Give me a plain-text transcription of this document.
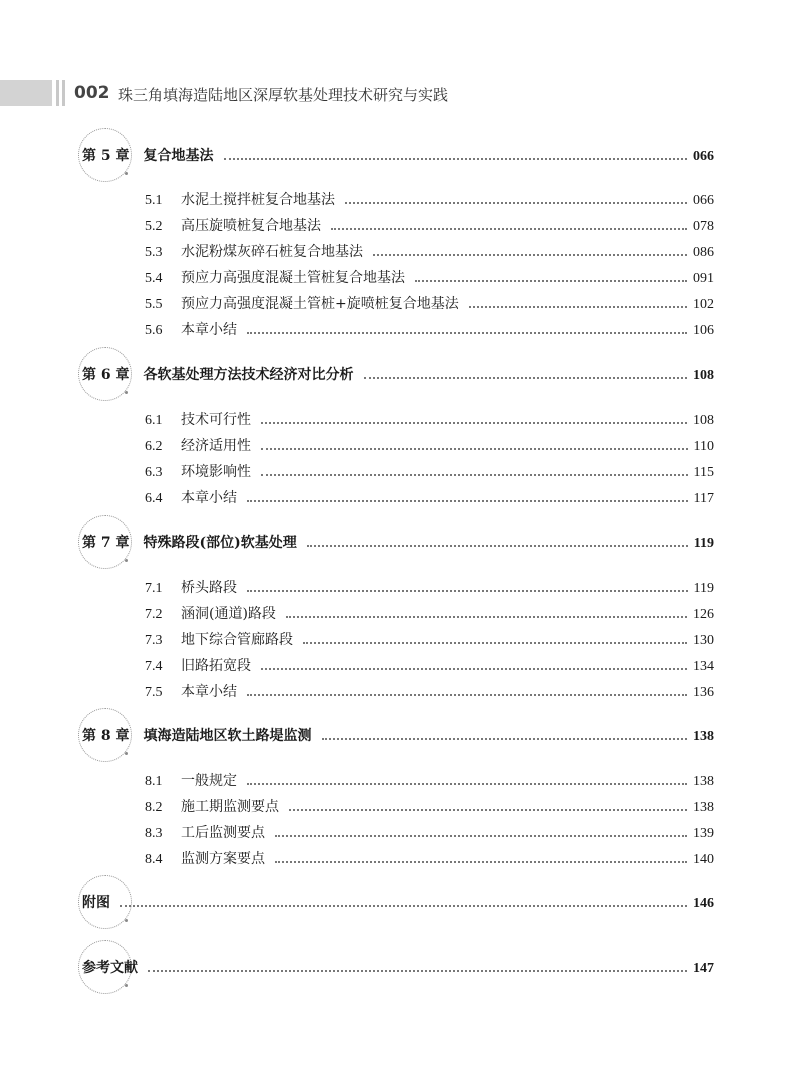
002 珠三角填海造陆地区深厚软基处理技术研究与实践
第 5 章 复合地基法	066
5.1	水泥土搅拌桩复合地基法	066
5.2	高压旋喷桩复合地基法	078
5.3	水泥粉煤灰碎石桩复合地基法	086
5.4	预应力高强度混凝土管桩复合地基法	091
5.5	预应力高强度混凝土管桩+旋喷桩复合地基法	102
5.6	本章小结	106
第 6 章 各软基处理方法技术经济对比分析	108
6.1	技术可行性	108
6.2	经济适用性	110
6.3	环境影响性	115
6.4	本章小结	117
第 7 章 特殊路段(部位)软基处理	119
7.1	桥头路段	119
7.2	涵洞(通道)路段	126
7.3	地下综合管廊路段	130
7.4	旧路拓宽段	134
7.5	本章小结	136
第 8 章 填海造陆地区软土路堤监测	138
8.1	一般规定	138
8.2	施工期监测要点	138
8.3	工后监测要点	139
8.4	监测方案要点	140
附图	146
参考文献	147
